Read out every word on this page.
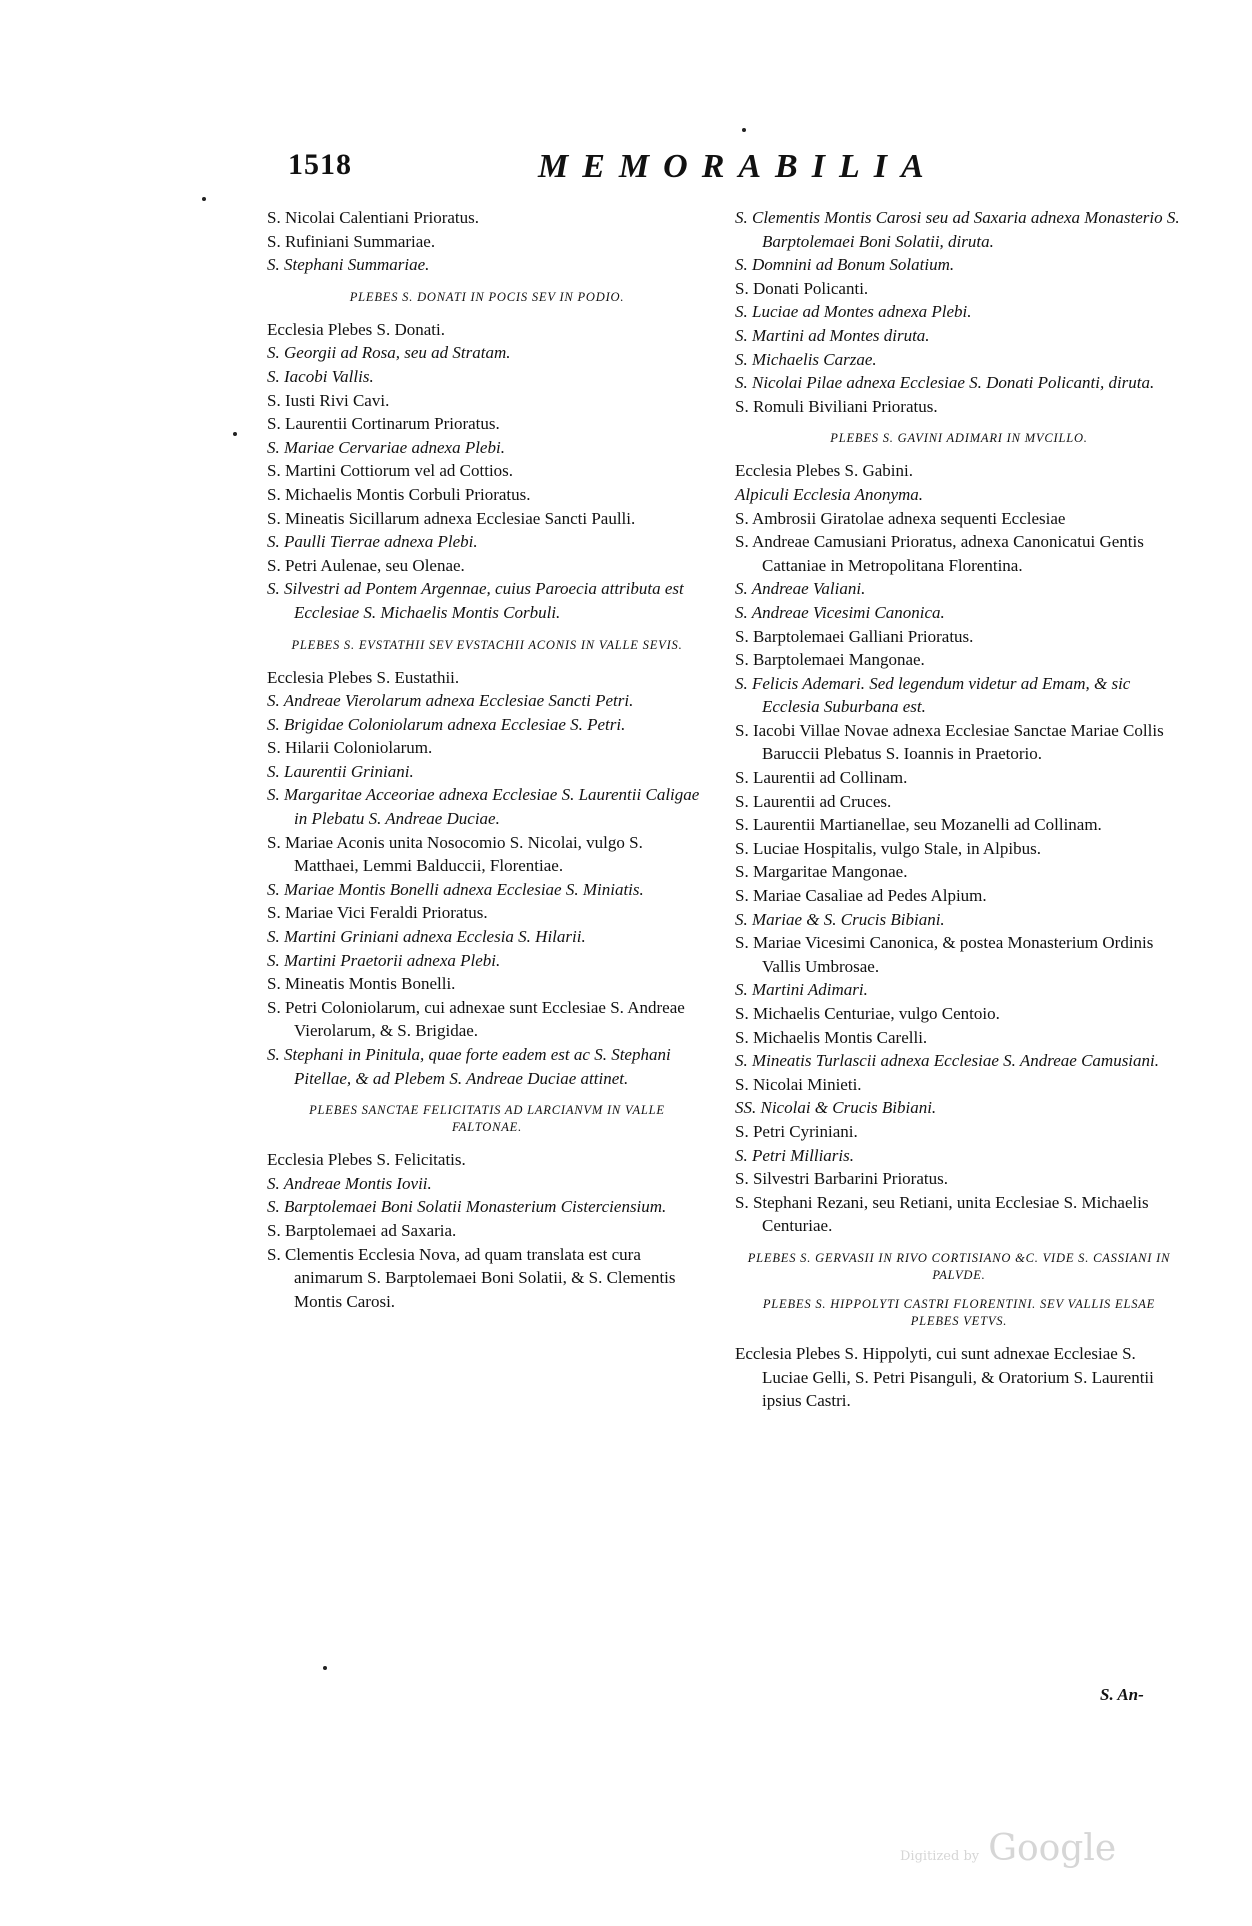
1518	MEMORABILIA
S. Nicolai Calentiani Prioratus.
S. Rufiniani Summariae.
S. Stephani Summariae.
PLEBES S. DONATI IN POCIS SEV IN PODIO.
Ecclesia Plebes S. Donati.
S. Georgii ad Rosa, seu ad Stratam.
S. Iacobi Vallis.
S. Iusti Rivi Cavi.
S. Laurentii Cortinarum Prioratus.
S. Mariae Cervariae adnexa Plebi.
S. Martini Cottiorum vel ad Cottios.
S. Michaelis Montis Corbuli Prioratus.
S. Mineatis Sicillarum adnexa Ecclesiae Sancti Paulli.
S. Paulli Tierrae adnexa Plebi.
S. Petri Aulenae, seu Olenae.
S. Silvestri ad Pontem Argennae, cuius Paroecia attributa est Ecclesiae S. Michaelis Montis Corbuli.
PLEBES S. EVSTATHII SEV EVSTACHII ACONIS IN VALLE SEVIS.
Ecclesia Plebes S. Eustathii.
S. Andreae Vierolarum adnexa Ecclesiae Sancti Petri.
S. Brigidae Coloniolarum adnexa Ecclesiae S. Petri.
S. Hilarii Coloniolarum.
S. Laurentii Griniani.
S. Margaritae Acceoriae adnexa Ecclesiae S. Laurentii Caligae in Plebatu S. Andreae Duciae.
S. Mariae Aconis unita Nosocomio S. Nicolai, vulgo S. Matthaei, Lemmi Balduccii, Florentiae.
S. Mariae Montis Bonelli adnexa Ecclesiae S. Miniatis.
S. Mariae Vici Feraldi Prioratus.
S. Martini Griniani adnexa Ecclesia S. Hilarii.
S. Martini Praetorii adnexa Plebi.
S. Mineatis Montis Bonelli.
S. Petri Coloniolarum, cui adnexae sunt Ecclesiae S. Andreae Vierolarum, & S. Brigidae.
S. Stephani in Pinitula, quae forte eadem est ac S. Stephani Pitellae, & ad Plebem S. Andreae Duciae attinet.
PLEBES SANCTAE FELICITATIS AD LARCIANVM IN VALLE FALTONAE.
Ecclesia Plebes S. Felicitatis.
S. Andreae Montis Iovii.
S. Barptolemaei Boni Solatii Monasterium Cisterciensium.
S. Barptolemaei ad Saxaria.
S. Clementis Ecclesia Nova, ad quam translata est cura animarum S. Barptolemaei Boni Solatii, & S. Clementis Montis Carosi.
S. Clementis Montis Carosi seu ad Saxaria adnexa Monasterio S. Barptolemaei Boni Solatii, diruta.
S. Domnini ad Bonum Solatium.
S. Donati Policanti.
S. Luciae ad Montes adnexa Plebi.
S. Martini ad Montes diruta.
S. Michaelis Carzae.
S. Nicolai Pilae adnexa Ecclesiae S. Donati Policanti, diruta.
S. Romuli Biviliani Prioratus.
PLEBES S. GAVINI ADIMARI IN MVCILLO.
Ecclesia Plebes S. Gabini.
Alpiculi Ecclesia Anonyma.
S. Ambrosii Giratolae adnexa sequenti Ecclesiae
S. Andreae Camusiani Prioratus, adnexa Canonicatui Gentis Cattaniae in Metropolitana Florentina.
S. Andreae Valiani.
S. Andreae Vicesimi Canonica.
S. Barptolemaei Galliani Prioratus.
S. Barptolemaei Mangonae.
S. Felicis Ademari. Sed legendum videtur ad Emam, & sic Ecclesia Suburbana est.
S. Iacobi Villae Novae adnexa Ecclesiae Sanctae Mariae Collis Baruccii Plebatus S. Ioannis in Praetorio.
S. Laurentii ad Collinam.
S. Laurentii ad Cruces.
S. Laurentii Martianellae, seu Mozanelli ad Collinam.
S. Luciae Hospitalis, vulgo Stale, in Alpibus.
S. Margaritae Mangonae.
S. Mariae Casaliae ad Pedes Alpium.
S. Mariae & S. Crucis Bibiani.
S. Mariae Vicesimi Canonica, & postea Monasterium Ordinis Vallis Umbrosae.
S. Martini Adimari.
S. Michaelis Centuriae, vulgo Centoio.
S. Michaelis Montis Carelli.
S. Mineatis Turlascii adnexa Ecclesiae S. Andreae Camusiani.
S. Nicolai Minieti.
SS. Nicolai & Crucis Bibiani.
S. Petri Cyriniani.
S. Petri Milliaris.
S. Silvestri Barbarini Prioratus.
S. Stephani Rezani, seu Retiani, unita Ecclesiae S. Michaelis Centuriae.
PLEBES S. GERVASII IN RIVO CORTISIANO &C. VIDE S. CASSIANI IN PALVDE.
PLEBES S. HIPPOLYTI CASTRI FLORENTINI. SEV VALLIS ELSAE PLEBES VETVS.
Ecclesia Plebes S. Hippolyti, cui sunt adnexae Ecclesiae S. Luciae Gelli, S. Petri Pisanguli, & Oratorium S. Laurentii ipsius Castri.
S. An-
Digitized by Google
